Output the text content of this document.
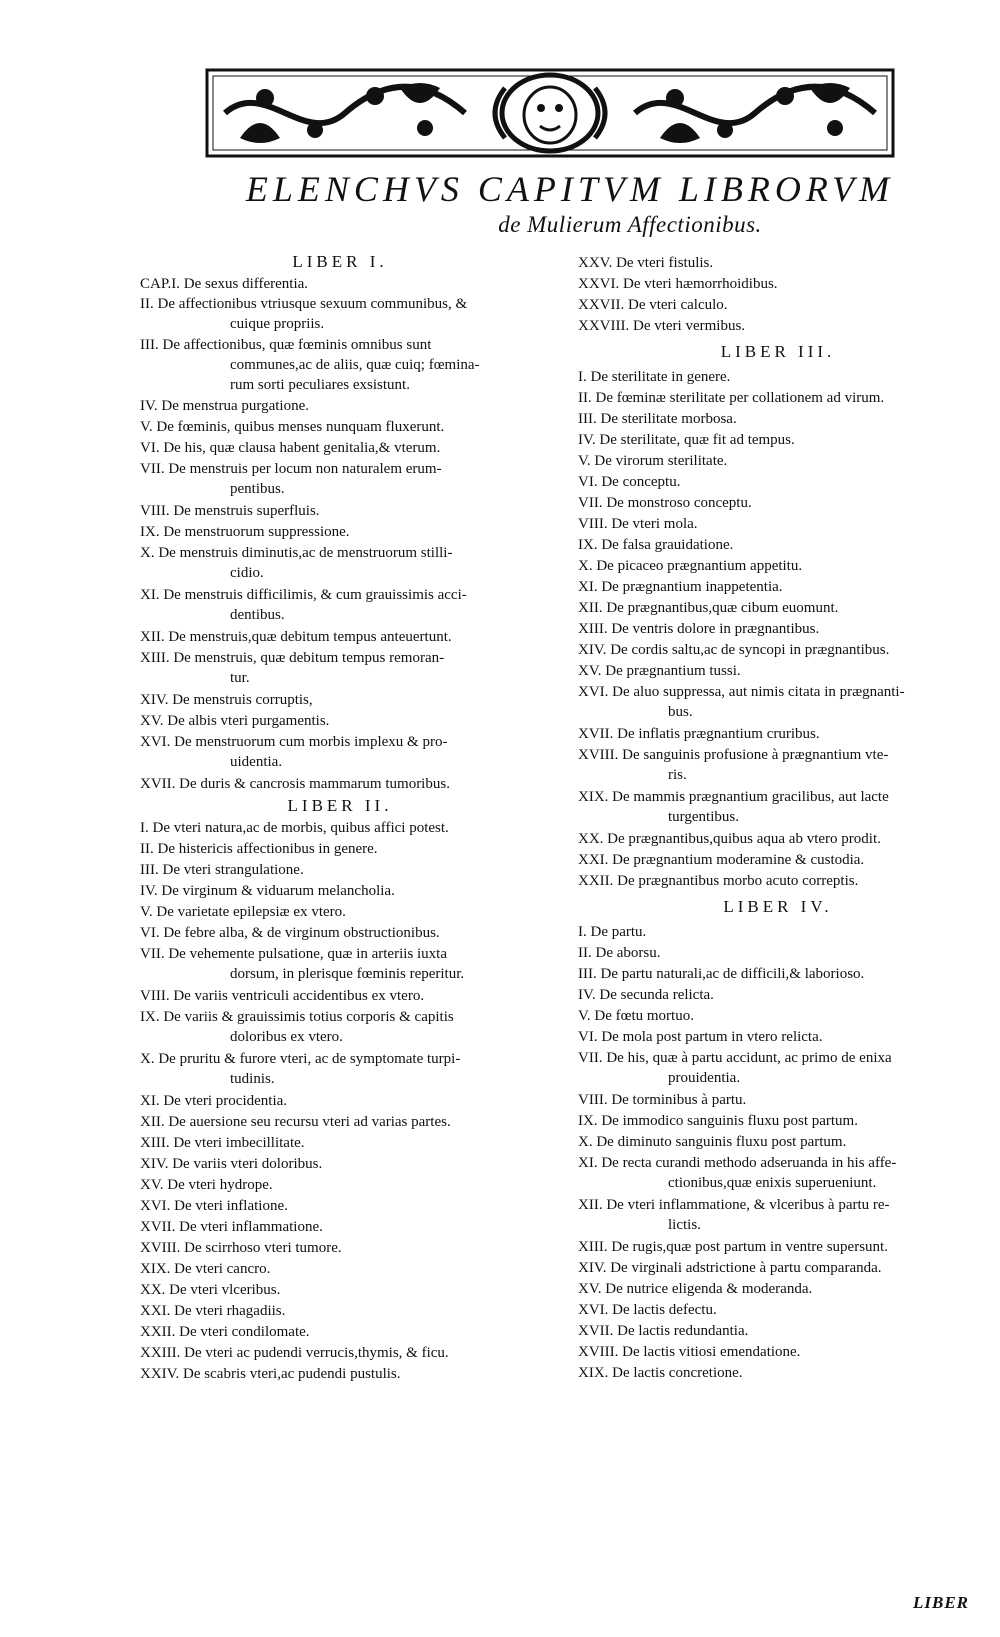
ELENCHVS CAPITVM LIBRORVM
de Mulierum Affectionibus.
LIBER I.
CAP.I. De sexus differentia.
II. De affectionibus vtriusque sexuum communibus, &
cuique propriis.
III. De affectionibus, quæ fœminis omnibus sunt
communes,ac de aliis, quæ cuiq; fœmina-
rum sorti peculiares exsistunt.
IV. De menstrua purgatione.
V. De fœminis, quibus menses nunquam fluxerunt.
VI. De his, quæ clausa habent genitalia,& vterum.
VII. De menstruis per locum non naturalem erum-
pentibus.
VIII. De menstruis superfluis.
IX. De menstruorum suppressione.
X. De menstruis diminutis,ac de menstruorum stilli-
cidio.
XI. De menstruis difficilimis, & cum grauissimis acci-
dentibus.
XII. De menstruis,quæ debitum tempus anteuertunt.
XIII. De menstruis, quæ debitum tempus remoran-
tur.
XIV. De menstruis corruptis,
XV. De albis vteri purgamentis.
XVI. De menstruorum cum morbis implexu & pro-
uidentia.
XVII. De duris & cancrosis mammarum tumoribus.
LIBER II.
I. De vteri natura,ac de morbis, quibus affici potest.
II. De histericis affectionibus in genere.
III. De vteri strangulatione.
IV. De virginum & viduarum melancholia.
V. De varietate epilepsiæ ex vtero.
VI. De febre alba, & de virginum obstructionibus.
VII. De vehemente pulsatione, quæ in arteriis iuxta
dorsum, in plerisque fœminis reperitur.
VIII. De variis ventriculi accidentibus ex vtero.
IX. De variis & grauissimis totius corporis & capitis
doloribus ex vtero.
X. De pruritu & furore vteri, ac de symptomate turpi-
tudinis.
XI. De vteri procidentia.
XII. De auersione seu recursu vteri ad varias partes.
XIII. De vteri imbecillitate.
XIV. De variis vteri doloribus.
XV. De vteri hydrope.
XVI. De vteri inflatione.
XVII. De vteri inflammatione.
XVIII. De scirrhoso vteri tumore.
XIX. De vteri cancro.
XX. De vteri vlceribus.
XXI. De vteri rhagadiis.
XXII. De vteri condilomate.
XXIII. De vteri ac pudendi verrucis,thymis, & ficu.
XXIV. De scabris vteri,ac pudendi pustulis.
XXV. De vteri fistulis.
XXVI. De vteri hæmorrhoidibus.
XXVII. De vteri calculo.
XXVIII. De vteri vermibus.
LIBER III.
I. De sterilitate in genere.
II. De fœminæ sterilitate per collationem ad virum.
III. De sterilitate morbosa.
IV. De sterilitate, quæ fit ad tempus.
V. De virorum sterilitate.
VI. De conceptu.
VII. De monstroso conceptu.
VIII. De vteri mola.
IX. De falsa grauidatione.
X. De picaceo prægnantium appetitu.
XI. De prægnantium inappetentia.
XII. De prægnantibus,quæ cibum euomunt.
XIII. De ventris dolore in prægnantibus.
XIV. De cordis saltu,ac de syncopi in prægnantibus.
XV. De prægnantium tussi.
XVI. De aluo suppressa, aut nimis citata in prægnanti-
bus.
XVII. De inflatis prægnantium cruribus.
XVIII. De sanguinis profusione à prægnantium vte-
ris.
XIX. De mammis prægnantium gracilibus, aut lacte
turgentibus.
XX. De prægnantibus,quibus aqua ab vtero prodit.
XXI. De prægnantium moderamine & custodia.
XXII. De prægnantibus morbo acuto correptis.
LIBER IV.
I. De partu.
II. De aborsu.
III. De partu naturali,ac de difficili,& laborioso.
IV. De secunda relicta.
V. De fœtu mortuo.
VI. De mola post partum in vtero relicta.
VII. De his, quæ à partu accidunt, ac primo de enixa
prouidentia.
VIII. De torminibus à partu.
IX. De immodico sanguinis fluxu post partum.
X. De diminuto sanguinis fluxu post partum.
XI. De recta curandi methodo adseruanda in his affe-
ctionibus,quæ enixis superueniunt.
XII. De vteri inflammatione, & vlceribus à partu re-
lictis.
XIII. De rugis,quæ post partum in ventre supersunt.
XIV. De virginali adstrictione à partu comparanda.
XV. De nutrice eligenda & moderanda.
XVI. De lactis defectu.
XVII. De lactis redundantia.
XVIII. De lactis vitiosi emendatione.
XIX. De lactis concretione.
LIBER
